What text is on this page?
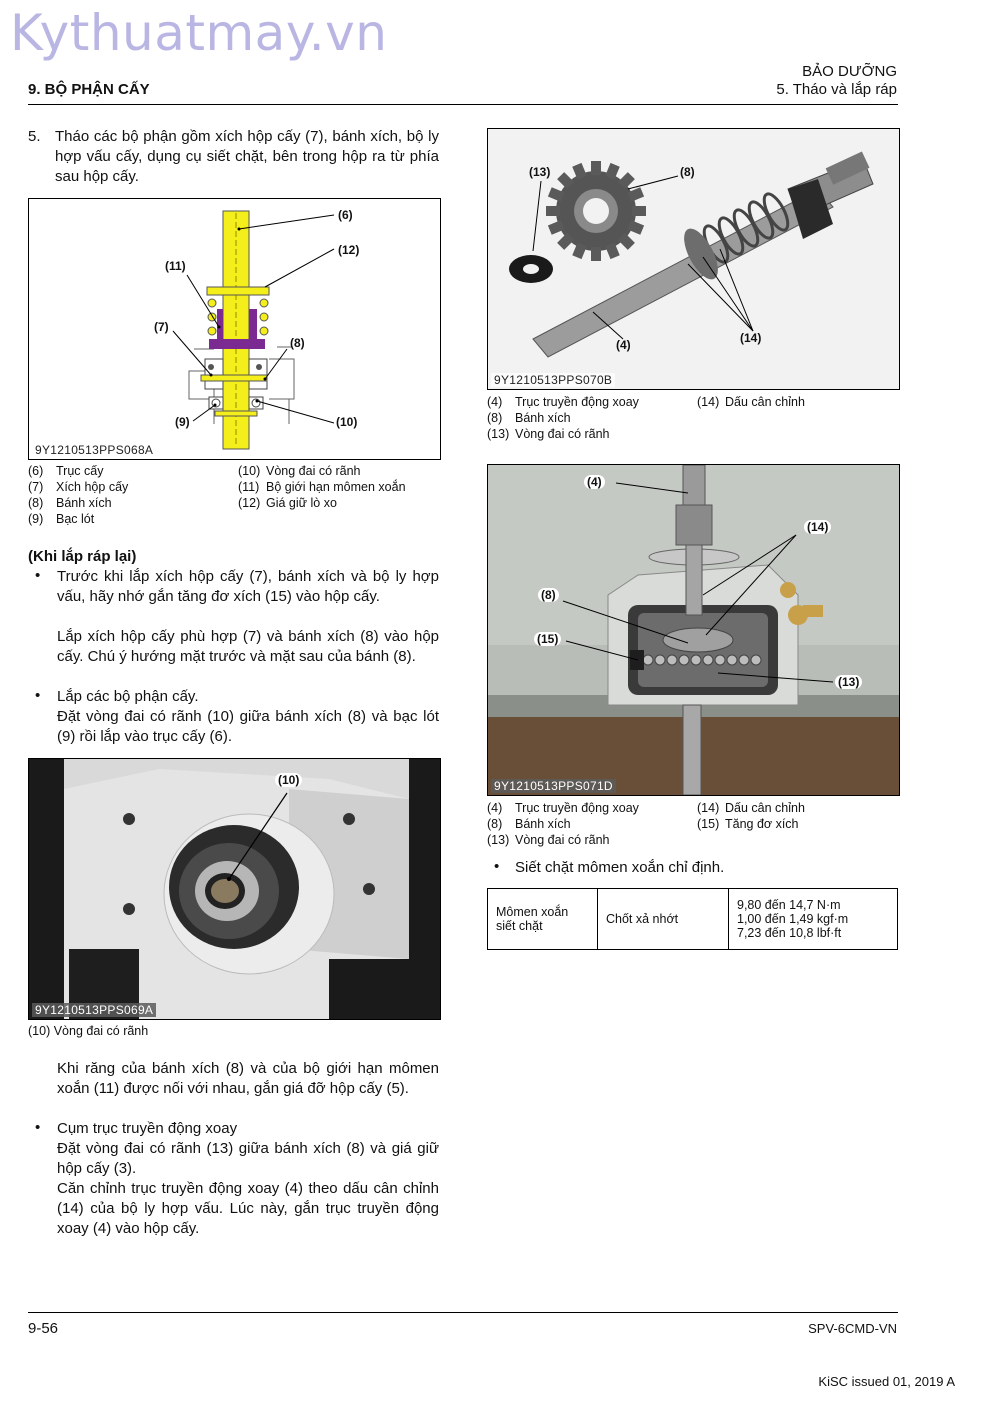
Kythuatmay.vn
9. BỘ PHẬN CẤY
BẢO DƯỠNG
5. Tháo và lắp ráp
5. Tháo các bộ phận gồm xích hộp cấy (7), bánh xích, bộ ly hợp vấu cấy, dụng cụ siết chặt, bên trong hộp ra từ phía sau hộp cấy.
(6)
(12)
(11)
(7)
(8)
(9)	(10)
9Y1210513PPS068A
(6) Trục cấy
(7) Xích hộp cấy
(8) Bánh xích
(9) Bạc lót
(10) Vòng đai có rãnh
(11) Bộ giới hạn mômen xoắn
(12) Giá giữ lò xo
(Khi lắp ráp lại)
• Trước khi lắp xích hộp cấy (7), bánh xích và bộ ly hợp vấu, hãy nhớ gắn tăng đơ xích (15) vào hộp cấy.
Lắp xích hộp cấy phù hợp (7) và bánh xích (8) vào hộp cấy. Chú ý hướng mặt trước và mặt sau của bánh (8).
• Lắp các bộ phận cấy.
Đặt vòng đai có rãnh (10) giữa bánh xích (8) và bạc lót (9) rồi lắp vào trục cấy (6).
(10)
9Y1210513PPS069A
(10) Vòng đai có rãnh
Khi răng của bánh xích (8) và của bộ giới hạn mômen xoắn (11) được nối với nhau, gắn giá đỡ hộp cấy (5).
• Cụm trục truyền động xoay
Đặt vòng đai có rãnh (13) giữa bánh xích (8) và giá giữ hộp cấy (3).
Căn chỉnh trục truyền động xoay (4) theo dấu cân chỉnh (14) của bộ ly hợp vấu. Lúc này, gắn trục truyền động xoay (4) vào hộp cấy.
(13)	(8)
(4)	(14)
9Y1210513PPS070B
(4) Trục truyền động xoay
(8) Bánh xích
(13) Vòng đai có rãnh
(14) Dấu cân chỉnh
(4)
(14)
(8)
(15)
(13)
9Y1210513PPS071D
(4) Trục truyền động xoay
(8) Bánh xích
(13) Vòng đai có rãnh
(14) Dấu cân chỉnh
(15) Tăng đơ xích
• Siết chặt mômen xoắn chỉ định.
Mômen xoắn siết chặt	Chốt xả nhớt	
9,80 đến 14,7 N·m
1,00 đến 1,49 kgf·m
7,23 đến 10,8 lbf·ft
9-56	SPV-6CMD-VN
KiSC issued 01, 2019 A
